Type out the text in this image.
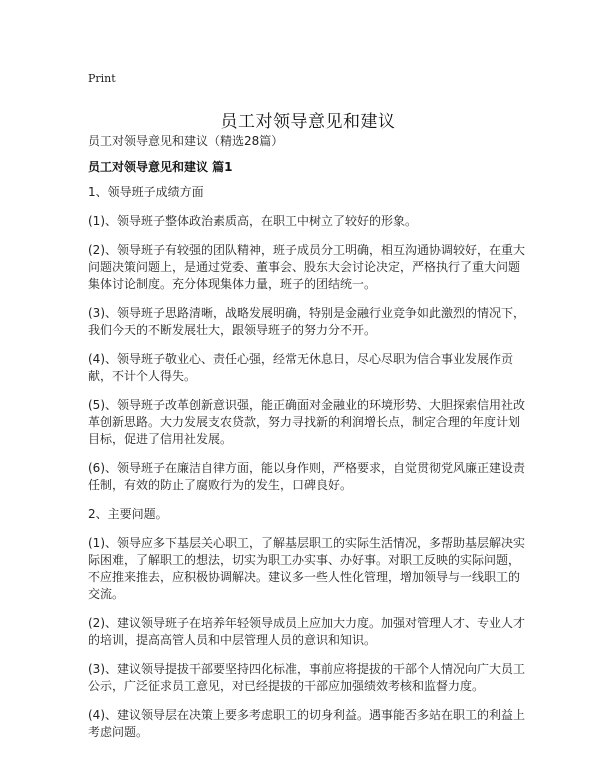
Print
员工对领导意见和建议
员工对领导意见和建议（精选28篇）
员工对领导意见和建议 篇1

1、领导班子成绩方面

(1)、领导班子整体政治素质高，在职工中树立了较好的形象。

(2)、领导班子有较强的团队精神，班子成员分工明确，相互沟通协调较好，在重大问题决策问题上，是通过党委、董事会、股东大会讨论决定，严格执行了重大问题集体讨论制度。充分体现集体力量，班子的团结统一。

(3)、领导班子思路清晰，战略发展明确，特别是金融行业竞争如此激烈的情况下，我们今天的不断发展壮大，跟领导班子的努力分不开。

(4)、领导班子敬业心、责任心强，经常无休息日，尽心尽职为信合事业发展作贡献，不计个人得失。

(5)、领导班子改革创新意识强，能正确面对金融业的环境形势、大胆探索信用社改革创新思路。大力发展支农贷款，努力寻找新的利润增长点，制定合理的年度计划目标，促进了信用社发展。

(6)、领导班子在廉洁自律方面，能以身作则，严格要求，自觉贯彻党风廉正建设责任制，有效的防止了腐败行为的发生，口碑良好。

2、主要问题。

(1)、领导应多下基层关心职工，了解基层职工的实际生活情况，多帮助基层解决实际困难，了解职工的想法，切实为职工办实事、办好事。对职工反映的实际问题，不应推来推去，应积极协调解决。建议多一些人性化管理，增加领导与一线职工的交流。

(2)、建议领导班子在培养年轻领导成员上应加大力度。加强对管理人才、专业人才的培训，提高高管人员和中层管理人员的意识和知识。

(3)、建议领导提拔干部要坚持四化标准，事前应将提拔的干部个人情况向广大员工公示，广泛征求员工意见，对已经提拔的干部应加强绩效考核和监督力度。

(4)、建议领导层在决策上要多考虑职工的切身利益。遇事能否多站在职工的利益上考虑问题。
